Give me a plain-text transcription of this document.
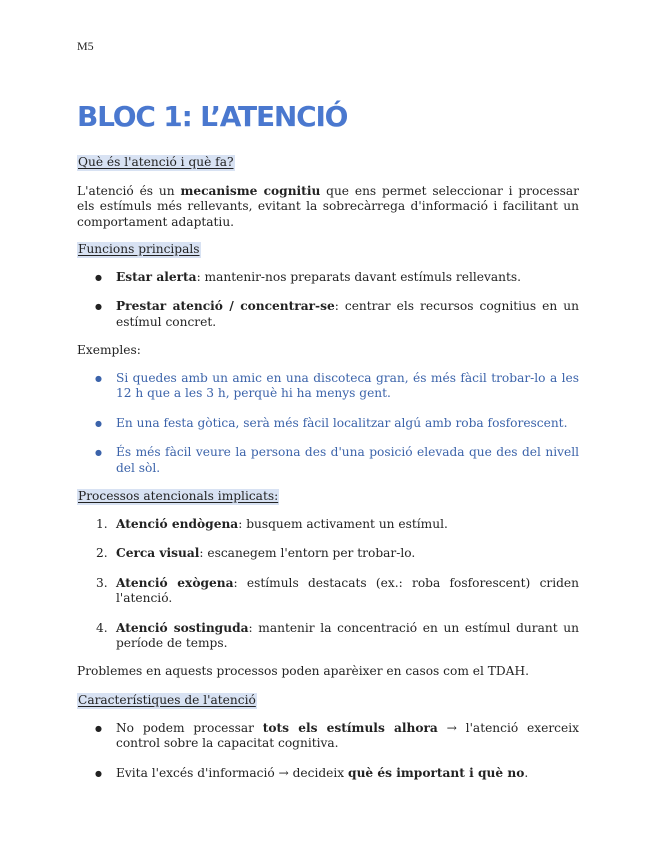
M5
BLOC 1: L’ATENCIÓ
Què és l'atenció i què fa?

L'atenció és un mecanisme cognitiu que ens permet seleccionar i processar els estímuls més rellevants, evitant la sobrecàrrega d'informació i facilitant un comportament adaptatiu.

Funcions principals
● Estar alerta: mantenir-nos preparats davant estímuls rellevants.
● Prestar atenció / concentrar-se: centrar els recursos cognitius en un estímul concret.

Exemples:

● Si quedes amb un amic en una discoteca gran, és més fàcil trobar-lo a les 12 h que a les 3 h, perquè hi ha menys gent.
● En una festa gòtica, serà més fàcil localitzar algú amb roba fosforescent.
● És més fàcil veure la persona des d'una posició elevada que des del nivell del sòl.
Processos atencionals implicats:
1. Atenció endògena: busquem activament un estímul.
2. Cerca visual: escanegem l'entorn per trobar-lo.
3. Atenció exògena: estímuls destacats (ex.: roba fosforescent) criden l'atenció.
4. Atenció sostinguda: mantenir la concentració en un estímul durant un període de temps.

Problemes en aquests processos poden aparèixer en casos com el TDAH.

Característiques de l'atenció
● No podem processar tots els estímuls alhora → l'atenció exerceix control sobre la capacitat cognitiva.
● Evita l'excés d'informació → decideix què és important i què no.
